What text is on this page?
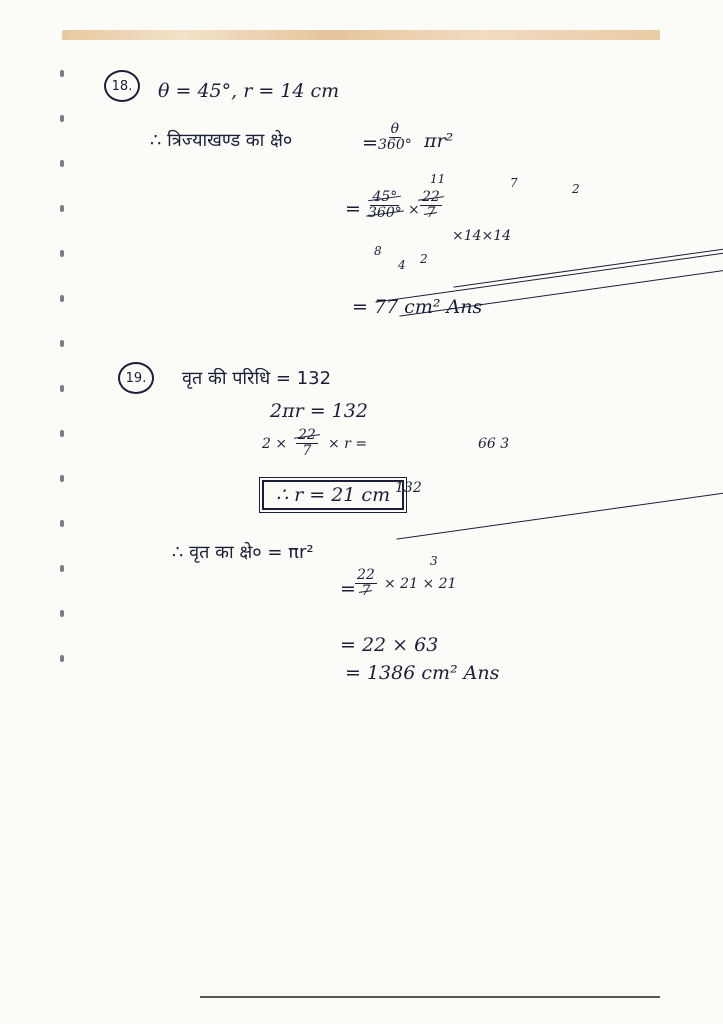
18.	θ = 45°, r = 14 cm
∴ त्रिज्याखण्ड का क्षे०	= $\frac{\theta}{360^\circ} \pi r^2$
= $\frac{45^\circ}{360^\circ}$
8
4	2
×
11
$\frac{22}{7}$
7
×14×14
2
= 77 cm² Ans
19.	वृत की परिधि = 132
2πr = 132
$2 \times \frac{22}{7} \times r$ =
132
66 3
∴ r = 21 cm
∴ वृत का क्षे० = πr²
= $\frac{22}{7}$
3
× 21 × 21
= 22 × 63
= 1386 cm² Ans
